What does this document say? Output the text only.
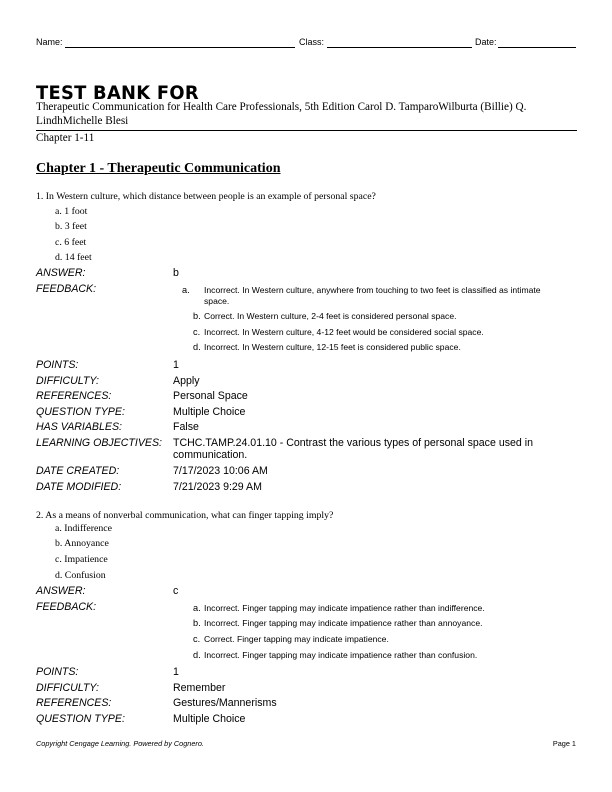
Name:	Class:	Date:
TEST BANK FOR
Therapeutic Communication for Health Care Professionals, 5th Edition Carol D. TamparoWilburta (Billie) Q. LindhMichelle Blesi
Chapter 1-11
Chapter 1 - Therapeutic Communication
1. In Western culture, which distance between people is an example of personal space?
a. 1 foot
b. 3 feet
c. 6 feet
d. 14 feet
ANSWER:	b
FEEDBACK:	a. Incorrect. In Western culture, anywhere from touching to two feet is classified as intimate space.
b. Correct. In Western culture, 2-4 feet is considered personal space.
c. Incorrect. In Western culture, 4-12 feet would be considered social space.
d. Incorrect. In Western culture, 12-15 feet is considered public space.
POINTS:	1
DIFFICULTY:	Apply
REFERENCES:	Personal Space
QUESTION TYPE:	Multiple Choice
HAS VARIABLES:	False
LEARNING OBJECTIVES: TCHC.TAMP.24.01.10 - Contrast the various types of personal space used in communication.
DATE CREATED:	7/17/2023 10:06 AM
DATE MODIFIED:	7/21/2023 9:29 AM
2. As a means of nonverbal communication, what can finger tapping imply?
a. Indifference
b. Annoyance
c. Impatience
d. Confusion
ANSWER:	c
FEEDBACK:	a. Incorrect. Finger tapping may indicate impatience rather than indifference.
b. Incorrect. Finger tapping may indicate impatience rather than annoyance.
c. Correct. Finger tapping may indicate impatience.
d. Incorrect. Finger tapping may indicate impatience rather than confusion.
POINTS:	1
DIFFICULTY:	Remember
REFERENCES:	Gestures/Mannerisms
QUESTION TYPE:	Multiple Choice
Copyright Cengage Learning. Powered by Cognero.	Page 1
